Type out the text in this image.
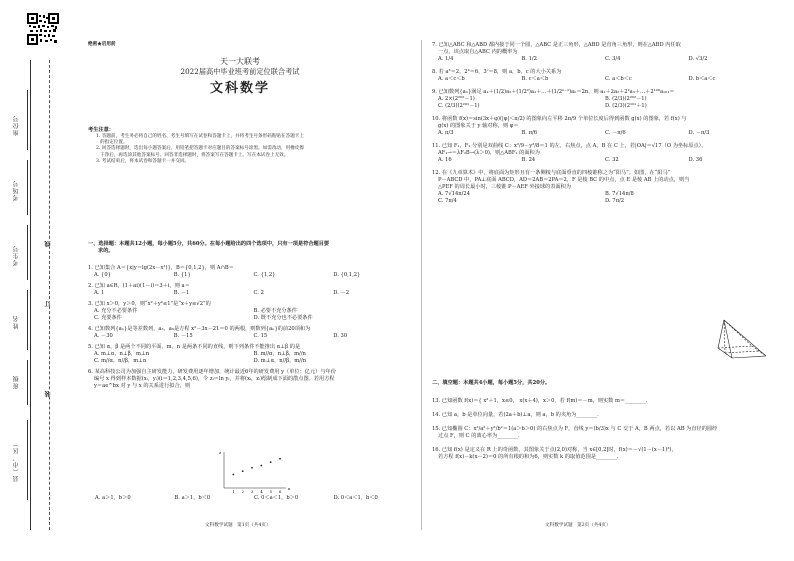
座位号
考场号
考生号
姓名
班级
县（市、区）
线
订
装
绝密★启用前
天一大联考
2022届高中毕业班考前定位联合考试
文科数学
考生注意：
1. 答题前，考生务必将自己的姓名、考生号填写在试卷和答题卡上，并将考生号条形码粘贴在答题卡上
的指定位置。
2. 回答选择题时，选出每小题答案后，用铅笔把答题卡对应题目的答案标号涂黑。如需改动，用橡皮擦
干净后，再选涂其他答案标号。回答非选择题时，将答案写在答题卡上。写在本试卷上无效。
3. 考试结束后，将本试卷和答题卡一并交回。
一、选择题：本题共12小题，每小题5分，共60分。在每小题给出的四个选项中，只有一项是符合题目要
求的。
1. 已知集合 A＝{x|y＝lg(2x－x²)}，B＝{0,1,2}，则 A∩B＝
A. {0}	B. {1}	C. {1,2}	D. {0,1,2}
2. 已知 a∈R，(1＋ai)(1－i)＝3＋i，则 a＝
A. 1	B. －1	C. 2	D. －2
3. 已知 x＞0，y＞0，则“x²＋y²≤1”是“x＋y≤√2”的
A. 充分不必要条件	B. 必要不充分条件
C. 充要条件	D. 既不充分也不必要条件
4. 已知数列{aₙ}是等差数列，a₃，a₉是方程 x²－3x－21＝0 的两根，则数列{aₙ}的前20项和为
A. －30	B. －15	C. 15	D. 30
5. 已知 α，β 是两个不同的平面，m，n 是两条不同的直线，则下列条件不能推出 α⊥β 的是
A. m⊥α，n⊥β，m⊥n	B. m//α，n⊥β，m//n
C. m//α，n//β，m⊥n	D. m⊥α，n//β，m//n
6. 某高科技公司为加强自主研发能力，研发费用逐年增加，统计最近6年的研发费用 y（单位：亿元）与年份
编号 x 得到样本数据(xᵢ，yᵢ)(i＝1,2,3,4,5,6)，令 zᵢ＝ln yᵢ，并将(xᵢ，zᵢ)绘制成下面的散点图。若用方程
y＝ae^bx 对 y 与 x 的关系进行拟合，则
x
z
1 2 3 4 5 6
A. a＞1，b＞0	B. a＞1，b＜0	C. 0＜a＜1，b＞0	D. 0＜a＜1，b＜0
文科数学试题　第1页（共4页）
7. 已知△ABC 和△ABD 都内接于同一个圆，△ABC 是正三角形，△ABD 是直角三角形，则在△ABD 内任取
一点，该点取自△ABC 内的概率为
A. 1/4	B. 1/2	C. 3/4	D. √3/2
8. 若 a³＝2，2ᵇ＝6，3ᶜ＝8，则 a，b，c 的大小关系为
A. a＜c＜b	B. c＜a＜b	C. a＜b＜c	D. b＜a＜c
9. 已知数列{aₙ}满足 a₁＋(1/2)a₂＋(1/2²)a₃＋…＋(1/2ⁿ⁻¹)aₙ＝2n，则 a₁＋2a₂＋2²a₃＋…＋2¹⁰⁰a₁₀₁＝
A. 2×(2²⁰²－1)	B. (2/3)(2²⁰²－1)
C. (2/3)(2²⁰¹－1)	D. (2/3)(2¹⁰¹＋1)
10. 将函数 f(x)＝sin(3x＋φ)(|φ|＜π/2) 的图象向左平移 2π/9 个单位长度后得到函数 g(x) 的图象，若 f(x) 与
g(x) 的图象关于 y 轴对称，则 φ＝
A. π/3	B. π/6	C. －π/6	D. －π/3
11. 已知 F₁，F₂ 分别是双曲线 C：x²/9－y²/8＝1 的左，右焦点，点 A，B 在 C 上，若|OA|＝√17（O 为坐标原点），
AF₁→＝λF₂B→(λ＞0)，则△ABF₁ 的面积为
A. 16	B. 24	C. 32	D. 36
12. 在《九章算术》中，将底面为矩形且有一条侧棱与底面垂直的四棱锥称之为“阳马”。如图，在“阳马”
P－ABCD 中，PA⊥底面 ABCD，AD＝2AB＝2PA＝2，F 是棱 BC 的中点，点 E 是棱 AB 上的动点，则当
△PEF 的周长最小时，三棱锥 P－AEF 外接球的表面积为
A. 7√14π/24	B. 7√14π/8
C. 7π/4	D. 7π/2
二、填空题：本题共4小题，每小题5分，共20分。
13. 已知函数 f(x)＝{ x²＋1，x≤0， x(x＋4)，x＞0，若 f(m)＝－m，则实数 m＝________.
14. 已知 a，b 是单位向量，若(2a＋b)⊥a，则 a，b 的夹角为________.
15. 已知椭圆 C：x²/a²＋y²/b²＝1(a＞b＞0) 的右焦点为 F，直线 y＝(b/3)x 与 C 交于 A，B 两点，若以 AB 为直径的圆经
过点 F，则 C 的离心率为________.
16. 已知 f(x) 是定义在 R 上的奇函数，其图象关于点(2,0)对称，当 x∈[0,2]时，f(x)＝－√(1－(x－1)²)，
若方程 f(x)－k(x－2)＝0 的所有根的和为6，则实数 k 的取值范围是________.
文科数学试题　第2页（共4页）
